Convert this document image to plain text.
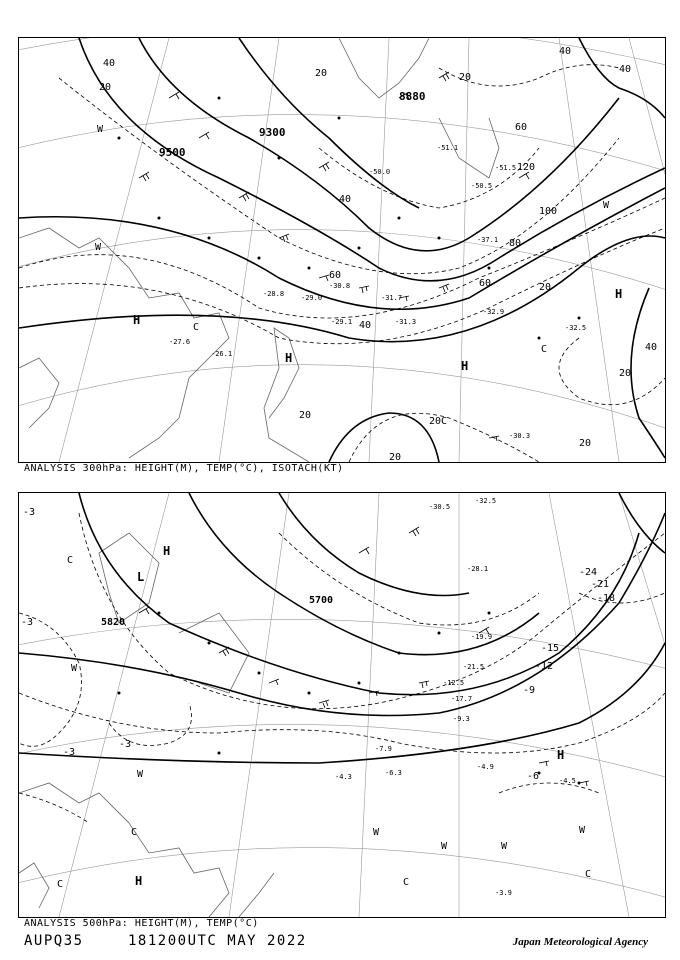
8880
9300
9500
20
40
60
80
100
120
20
20
40
20
20
40
20
40
20
60
60
40
20
40
20C
H
H
H
H
C
W
W
W
C
-26.1
-27.6
-29.1
-28.8 -29.0
-30.8
-31.7
-31.3
-32.9
-30.3
-32.5
-37.1
-50.0	-51.5
-50.5
-51.1
ANALYSIS 300hPa: HEIGHT(M), TEMP(°C), ISOTACH(KT)
5820
5700
-3
-3
-3
-3
-6
-9
-12
-15
-18
-21
-24
H
H
H
L
C
C
C
C
C
W
W
W
W	W
W
-4.9
-4.5
-3.9
-7.9
-4.3	-6.3
-9.3
-12.5
-17.7
-21.5
-19.9
-28.1
-30.5
-32.5
ANALYSIS 500hPa: HEIGHT(M), TEMP(°C)
AUPQ35	181200UTC MAY 2022	Japan Meteorological Agency
